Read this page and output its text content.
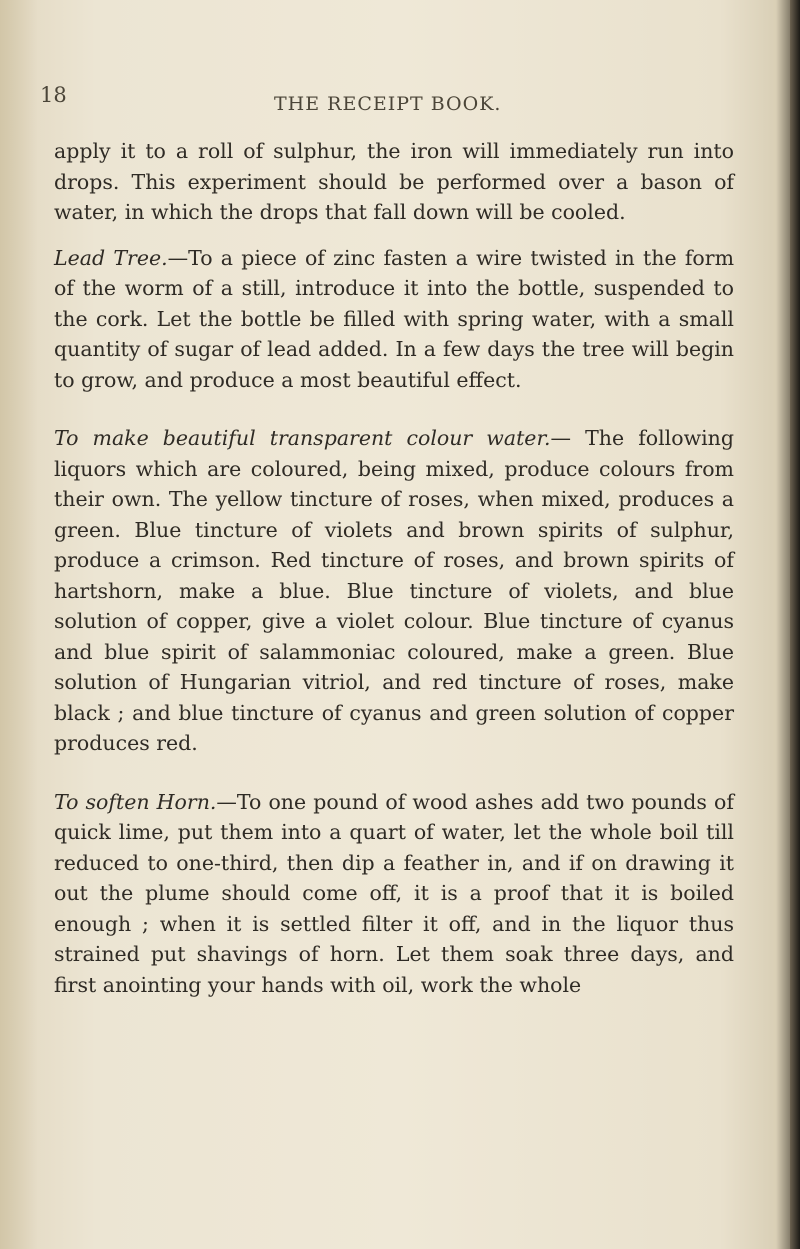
18	THE RECEIPT BOOK.

apply it to a roll of sulphur, the iron will immediately run into drops. This experiment should be performed over a bason of water, in which the drops that fall down will be cooled.

Lead Tree.—To a piece of zinc fasten a wire twisted in the form of the worm of a still, introduce it into the bottle, suspended to the cork. Let the bottle be filled with spring water, with a small quantity of sugar of lead added. In a few days the tree will begin to grow, and produce a most beautiful effect.

To make beautiful transparent colour water.— The following liquors which are coloured, being mixed, produce colours from their own. The yellow tincture of roses, when mixed, produces a green. Blue tincture of violets and brown spirits of sulphur, produce a crimson. Red tincture of roses, and brown spirits of hartshorn, make a blue. Blue tincture of violets, and blue solution of copper, give a violet colour. Blue tincture of cyanus and blue spirit of salammoniac coloured, make a green. Blue solution of Hungarian vitriol, and red tincture of roses, make black ; and blue tincture of cyanus and green solution of copper produces red.

To soften Horn.—To one pound of wood ashes add two pounds of quick lime, put them into a quart of water, let the whole boil till reduced to one-third, then dip a feather in, and if on drawing it out the plume should come off, it is a proof that it is boiled enough ; when it is settled filter it off, and in the liquor thus strained put shavings of horn. Let them soak three days, and first anointing your hands with oil, work the whole
